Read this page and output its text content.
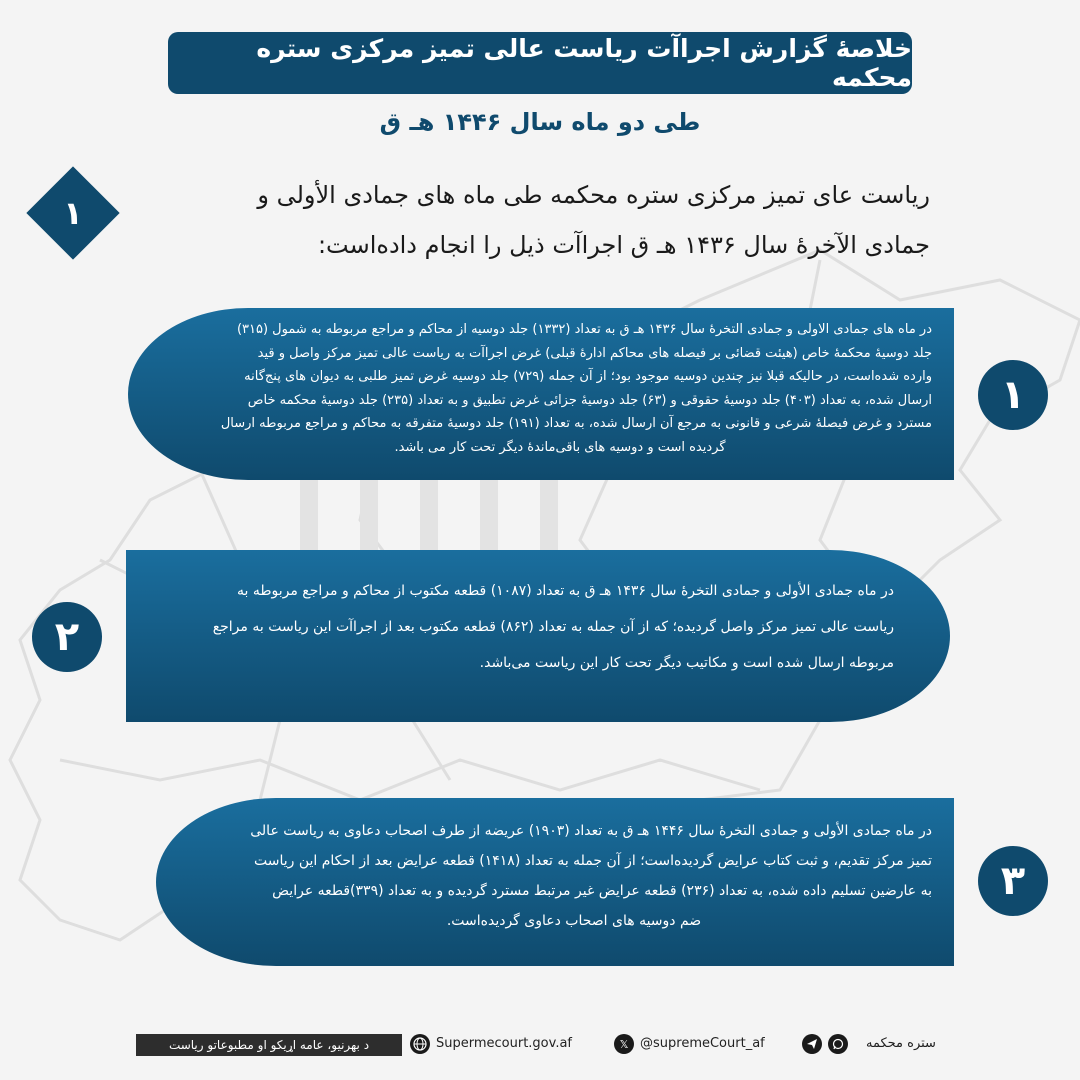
خلاصهٔ گزارش اجراآت ریاست عالی تمیز مرکزی ستره محکمه
طی دو ماه سال ۱۴۴۶ هـ ق
۱	ریاست عای تمیز مرکزی ستره محکمه طی ماه های جمادی الأولی و
جمادی الآخرهٔ سال ۱۴۳۶ هـ ق اجراآت ذیل را انجام داده‌است:
در ماه های جمادی الاولی و جمادی التخرهٔ سال ۱۴۳۶ هـ ق به تعداد (۱۳۳۲) جلد دوسیه از محاکم و مراجع مربوطه به شمول (۳۱۵)
جلد دوسیهٔ محکمهٔ خاص (هیئت قضائی بر فیصله های محاکم ادارهٔ قبلی) غرض اجراآت به ریاست عالی تمیز مرکز واصل و قید
وارده شده‌است، در حالیکه قبلا نیز چندین دوسیه موجود بود؛ از آن جمله (۷۲۹) جلد دوسیه غرض تمیز طلبی به دیوان های پنج‌گانه
ارسال شده، به تعداد (۴۰۳) جلد دوسیهٔ حقوقی و (۶۳) جلد دوسیهٔ جزائی غرض تطبیق و به تعداد (۲۳۵) جلد دوسیهٔ محکمه خاص
مسترد و غرض فیصلهٔ شرعی و قانونی به مرجع آن ارسال شده، به تعداد (۱۹۱) جلد دوسیهٔ متفرقه به محاکم و مراجع مربوطه ارسال
گردیده است و دوسیه های باقی‌ماندهٔ دیگر تحت کار می باشد.
۱
در ماه جمادی الأولی و جمادی التخرهٔ سال ۱۴۳۶ هـ ق به تعداد (۱۰۸۷) قطعه مکتوب از محاکم و مراجع مربوطه به
ریاست عالی تمیز مرکز واصل گردیده؛ که از آن جمله به تعداد (۸۶۲) قطعه مکتوب بعد از اجراآت این ریاست به مراجع
مربوطه ارسال شده است و مکاتیب دیگر تحت کار این ریاست می‌باشد.
۲
در ماه جمادی الأولی و جمادی التخرهٔ سال ۱۴۴۶ هـ ق به تعداد (۱۹۰۳) عریضه از طرف اصحاب دعاوی به ریاست عالی
تمیز مرکز تقدیم، و ثبت کتاب عرایض گردیده‌است؛ از آن جمله به تعداد (۱۴۱۸) قطعه عرایض بعد از احکام این ریاست
به عارضین تسلیم داده شده، به تعداد (۲۳۶) قطعه عرایض غیر مرتبط مسترد گردیده و به تعداد (۳۳۹)قطعه عرایض
ضم دوسیه های اصحاب دعاوی گردیده‌است.
۳
د بهرنیو، عامه اړیکو او مطبوعاتو ریاست	Supermecourt.gov.af	𝕏 @supremeCourt_af	ستره محکمه
